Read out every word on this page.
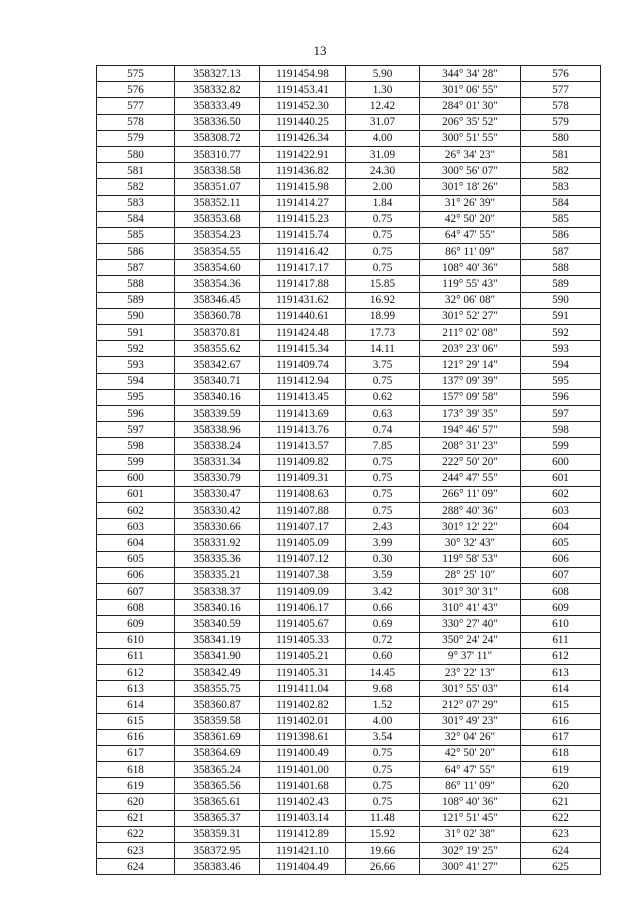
13
575	358327.13	1191454.98	5.90	344° 34' 28"	576
576	358332.82	1191453.41	1.30	301° 06' 55"	577
577	358333.49	1191452.30	12.42	284° 01' 30"	578
578	358336.50	1191440.25	31.07	206° 35' 52"	579
579	358308.72	1191426.34	4.00	300° 51' 55"	580
580	358310.77	1191422.91	31.09	26° 34' 23"	581
581	358338.58	1191436.82	24.30	300° 56' 07"	582
582	358351.07	1191415.98	2.00	301° 18' 26"	583
583	358352.11	1191414.27	1.84	31° 26' 39"	584
584	358353.68	1191415.23	0.75	42° 50' 20"	585
585	358354.23	1191415.74	0.75	64° 47' 55"	586
586	358354.55	1191416.42	0.75	86° 11' 09"	587
587	358354.60	1191417.17	0.75	108° 40' 36"	588
588	358354.36	1191417.88	15.85	119° 55' 43"	589
589	358346.45	1191431.62	16.92	32° 06' 08"	590
590	358360.78	1191440.61	18.99	301° 52' 27"	591
591	358370.81	1191424.48	17.73	211° 02' 08"	592
592	358355.62	1191415.34	14.11	203° 23' 06"	593
593	358342.67	1191409.74	3.75	121° 29' 14"	594
594	358340.71	1191412.94	0.75	137° 09' 39"	595
595	358340.16	1191413.45	0.62	157° 09' 58"	596
596	358339.59	1191413.69	0.63	173° 39' 35"	597
597	358338.96	1191413.76	0.74	194° 46' 57"	598
598	358338.24	1191413.57	7.85	208° 31' 23"	599
599	358331.34	1191409.82	0.75	222° 50' 20"	600
600	358330.79	1191409.31	0.75	244° 47' 55"	601
601	358330.47	1191408.63	0.75	266° 11' 09"	602
602	358330.42	1191407.88	0.75	288° 40' 36"	603
603	358330.66	1191407.17	2.43	301° 12' 22"	604
604	358331.92	1191405.09	3.99	30° 32' 43"	605
605	358335.36	1191407.12	0.30	119° 58' 53"	606
606	358335.21	1191407.38	3.59	28° 25' 10"	607
607	358338.37	1191409.09	3.42	301° 30' 31"	608
608	358340.16	1191406.17	0.66	310° 41' 43"	609
609	358340.59	1191405.67	0.69	330° 27' 40"	610
610	358341.19	1191405.33	0.72	350° 24' 24"	611
611	358341.90	1191405.21	0.60	9° 37' 11"	612
612	358342.49	1191405.31	14.45	23° 22' 13"	613
613	358355.75	1191411.04	9.68	301° 55' 03"	614
614	358360.87	1191402.82	1.52	212° 07' 29"	615
615	358359.58	1191402.01	4.00	301° 49' 23"	616
616	358361.69	1191398.61	3.54	32° 04' 26"	617
617	358364.69	1191400.49	0.75	42° 50' 20"	618
618	358365.24	1191401.00	0.75	64° 47' 55"	619
619	358365.56	1191401.68	0.75	86° 11' 09"	620
620	358365.61	1191402.43	0.75	108° 40' 36"	621
621	358365.37	1191403.14	11.48	121° 51' 45"	622
622	358359.31	1191412.89	15.92	31° 02' 38"	623
623	358372.95	1191421.10	19.66	302° 19' 25"	624
624	358383.46	1191404.49	26.66	300° 41' 27"	625
